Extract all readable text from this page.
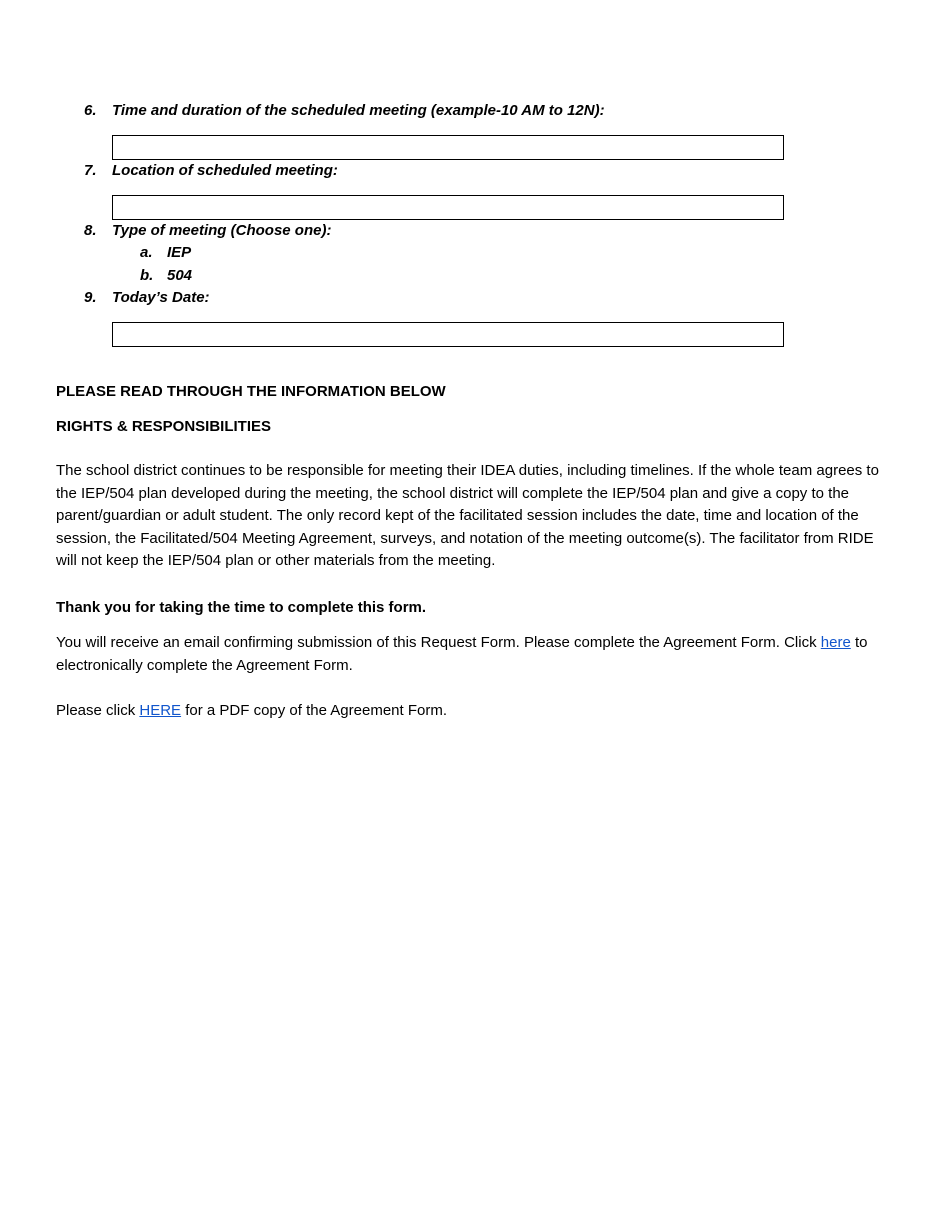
6. Time and duration of the scheduled meeting (example-10 AM to 12N):
7. Location of scheduled meeting:
8. Type of meeting (Choose one):
a. IEP
b. 504
9. Today’s Date:
PLEASE READ THROUGH THE INFORMATION BELOW
RIGHTS & RESPONSIBILITIES
The school district continues to be responsible for meeting their IDEA duties, including timelines. If the whole team agrees to the IEP/504 plan developed during the meeting, the school district will complete the IEP/504 plan and give a copy to the parent/guardian or adult student. The only record kept of the facilitated session includes the date, time and location of the session, the Facilitated/504 Meeting Agreement, surveys, and notation of the meeting outcome(s). The facilitator from RIDE will not keep the IEP/504 plan or other materials from the meeting.
Thank you for taking the time to complete this form.
You will receive an email confirming submission of this Request Form. Please complete the Agreement Form. Click here to electronically complete the Agreement Form.
Please click HERE for a PDF copy of the Agreement Form.
